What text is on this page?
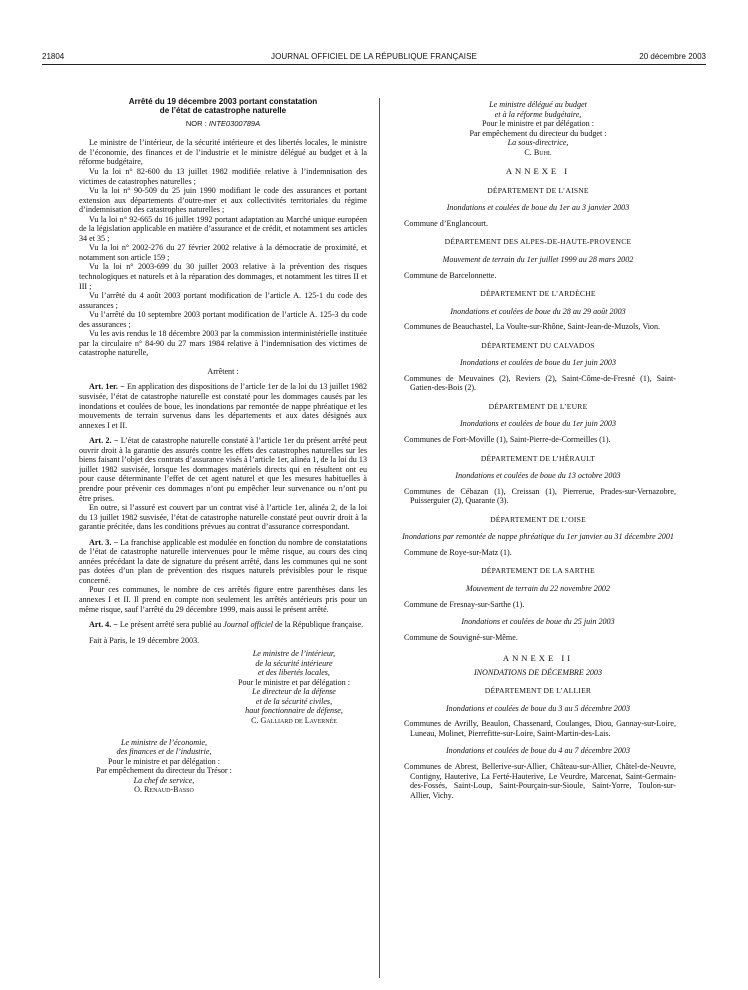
21804	JOURNAL OFFICIEL DE LA RÉPUBLIQUE FRANÇAISE	20 décembre 2003
Arrêté du 19 décembre 2003 portant constatation
de l’état de catastrophe naturelle
NOR : INTE0300789A

Le ministre de l’intérieur, de la sécurité intérieure et des libertés locales, le ministre de l’économie, des finances et de l’industrie et le ministre délégué au budget et à la réforme budgétaire,

Vu la loi n° 82-600 du 13 juillet 1982 modifiée relative à l’indemnisation des victimes de catastrophes naturelles ;

Vu la loi n° 90-509 du 25 juin 1990 modifiant le code des assurances et portant extension aux départements d’outre-mer et aux collectivités territoriales du régime d’indemnisation des catastrophes naturelles ;

Vu la loi n° 92-665 du 16 juillet 1992 portant adaptation au Marché unique européen de la législation applicable en matière d’assurance et de crédit, et notamment ses articles 34 et 35 ;

Vu la loi n° 2002-276 du 27 février 2002 relative à la démocratie de proximité, et notamment son article 159 ;

Vu la loi n° 2003-699 du 30 juillet 2003 relative à la prévention des risques technologiques et naturels et à la réparation des dommages, et notamment les titres II et III ;

Vu l’arrêté du 4 août 2003 portant modification de l’article A. 125-1 du code des assurances ;

Vu l’arrêté du 10 septembre 2003 portant modification de l’article A. 125-3 du code des assurances ;

Vu les avis rendus le 18 décembre 2003 par la commission interministérielle instituée par la circulaire n° 84-90 du 27 mars 1984 relative à l’indemnisation des victimes de catastrophe naturelle,

Arrêtent :

Art. 1er. − En application des dispositions de l’article 1er de la loi du 13 juillet 1982 susvisée, l’état de catastrophe naturelle est constaté pour les dommages causés par les inondations et coulées de boue, les inondations par remontée de nappe phréatique et les mouvements de terrain survenus dans les départements et aux dates désignés aux annexes I et II.

Art. 2. − L’état de catastrophe naturelle constaté à l’article 1er du présent arrêté peut ouvrir droit à la garantie des assurés contre les effets des catastrophes naturelles sur les biens faisant l’objet des contrats d’assurance visés à l’article 1er, alinéa 1, de la loi du 13 juillet 1982 susvisée, lorsque les dommages matériels directs qui en résultent ont eu pour cause déterminante l’effet de cet agent naturel et que les mesures habituelles à prendre pour prévenir ces dommages n’ont pu empêcher leur survenance ou n’ont pu être prises.

En outre, si l’assuré est couvert par un contrat visé à l’article 1er, alinéa 2, de la loi du 13 juillet 1982 susvisée, l’état de catastrophe naturelle constaté peut ouvrir droit à la garantie précitée, dans les conditions prévues au contrat d’assurance correspondant.

Art. 3. − La franchise applicable est modulée en fonction du nombre de constatations de l’état de catastrophe naturelle intervenues pour le même risque, au cours des cinq années précédant la date de signature du présent arrêté, dans les communes qui ne sont pas dotées d’un plan de prévention des risques naturels prévisibles pour le risque concerné.

Pour ces communes, le nombre de ces arrêtés figure entre parenthèses dans les annexes I et II. Il prend en compte non seulement les arrêtés antérieurs pris pour un même risque, sauf l’arrêté du 29 décembre 1999, mais aussi le présent arrêté.

Art. 4. − Le présent arrêté sera publié au Journal officiel de la République française.

Fait à Paris, le 19 décembre 2003.

Le ministre de l’intérieur,
de la sécurité intérieure
et des libertés locales,
Pour le ministre et par délégation :
Le directeur de la défense
et de la sécurité civiles,
haut fonctionnaire de défense,
C. Galliard de Lavernée
Le ministre de l’économie,
des finances et de l’industrie,
Pour le ministre et par délégation :
Par empêchement du directeur du Trésor :
La chef de service,
O. Renaud-Basso
Le ministre délégué au budget
et à la réforme budgétaire,
Pour le ministre et par délégation :
Par empêchement du directeur du budget :
La sous-directrice,
C. Buhl
ANNEXE I
DÉPARTEMENT DE L’AISNE
Inondations et coulées de boue du 1er au 3 janvier 2003

Commune d’Englancourt.

DÉPARTEMENT DES ALPES-DE-HAUTE-PROVENCE
Mouvement de terrain du 1er juillet 1999 au 28 mars 2002

Commune de Barcelonnette.

DÉPARTEMENT DE L’ARDÈCHE
Inondations et coulées de boue du 28 au 29 août 2003

Communes de Beauchastel, La Voulte-sur-Rhône, Saint-Jean-de-Muzols, Vion.

DÉPARTEMENT DU CALVADOS
Inondations et coulées de boue du 1er juin 2003

Communes de Meuvaines (2), Reviers (2), Saint-Côme-de-Fresné (1), Saint-Gatien-des-Bois (2).

DÉPARTEMENT DE L’EURE
Inondations et coulées de boue du 1er juin 2003

Communes de Fort-Moville (1), Saint-Pierre-de-Cormeilles (1).

DÉPARTEMENT DE L’HÉRAULT
Inondations et coulées de boue du 13 octobre 2003

Communes de Cébazan (1), Creissan (1), Pierrerue, Prades-sur-Vernazobre, Puisserguier (2), Quarante (3).

DÉPARTEMENT DE L’OISE
Inondations par remontée de nappe phréatique du 1er janvier au 31 décembre 2001

Commune de Roye-sur-Matz (1).

DÉPARTEMENT DE LA SARTHE
Mouvement de terrain du 22 novembre 2002

Commune de Fresnay-sur-Sarthe (1).

Inondations et coulées de boue du 25 juin 2003

Commune de Souvigné-sur-Même.

ANNEXE II
INONDATIONS DE DÉCEMBRE 2003
DÉPARTEMENT DE L’ALLIER
Inondations et coulées de boue du 3 au 5 décembre 2003

Communes de Avrilly, Beaulon, Chassenard, Coulanges, Diou, Gannay-sur-Loire, Luneau, Molinet, Pierrefitte-sur-Loire, Saint-Martin-des-Lais.

Inondations et coulées de boue du 4 au 7 décembre 2003

Communes de Abrest, Bellerive-sur-Allier, Château-sur-Allier, Châtel-de-Neuvre, Contigny, Hauterive, La Ferté-Hauterive, Le Veurdre, Marcenat, Saint-Germain-des-Fossés, Saint-Loup, Saint-Pourçain-sur-Sioule, Saint-Yorre, Toulon-sur-Allier, Vichy.
